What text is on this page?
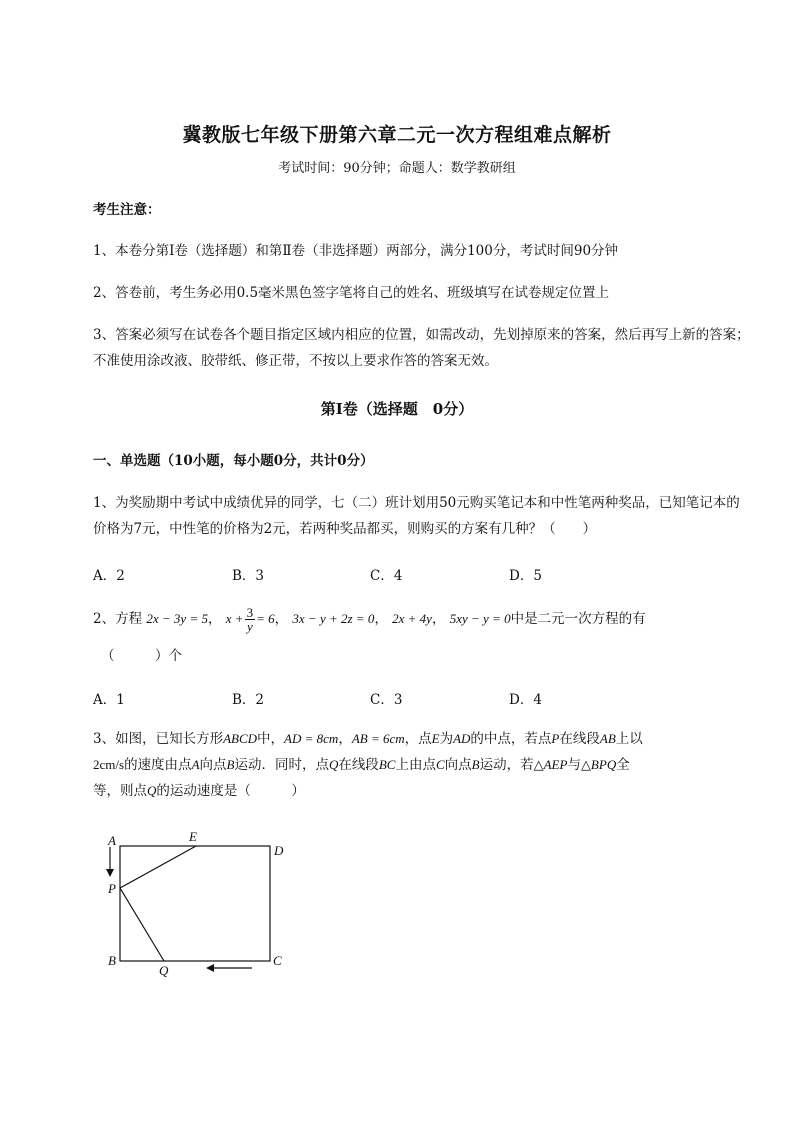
冀教版七年级下册第六章二元一次方程组难点解析
考试时间：90分钟；命题人：数学教研组
考生注意：
1、本卷分第I卷（选择题）和第Ⅱ卷（非选择题）两部分，满分100分，考试时间90分钟
2、答卷前，考生务必用0.5毫米黑色签字笔将自己的姓名、班级填写在试卷规定位置上
3、答案必须写在试卷各个题目指定区域内相应的位置，如需改动，先划掉原来的答案，然后再写上新的答案；不准使用涂改液、胶带纸、修正带，不按以上要求作答的答案无效。
第I卷（选择题　0分）
一、单选题（10小题，每小题0分，共计0分）
1、为奖励期中考试中成绩优异的同学，七（二）班计划用50元购买笔记本和中性笔两种奖品，已知笔记本的价格为7元，中性笔的价格为2元，若两种奖品都买，则购买的方案有几种？（　　）
A．2	B．3	C．4	D．5
2、方程 2x − 3y = 5， $x + \frac{3}{y} = 6$， 3x − y + 2z = 0， 2x + 4y， 5xy − y = 0中是二元一次方程的有
（　　　）个
A．1	B．2	C．3	D．4
3、如图，已知长方形ABCD中，AD = 8cm，AB = 6cm，点E为AD的中点，若点P在线段AB上以
2cm/s的速度由点A向点B运动．同时，点Q在线段BC上由点C向点B运动，若△AEP与△BPQ全
等，则点Q的运动速度是（　　　）
A	E
D
P
B
Q
C
